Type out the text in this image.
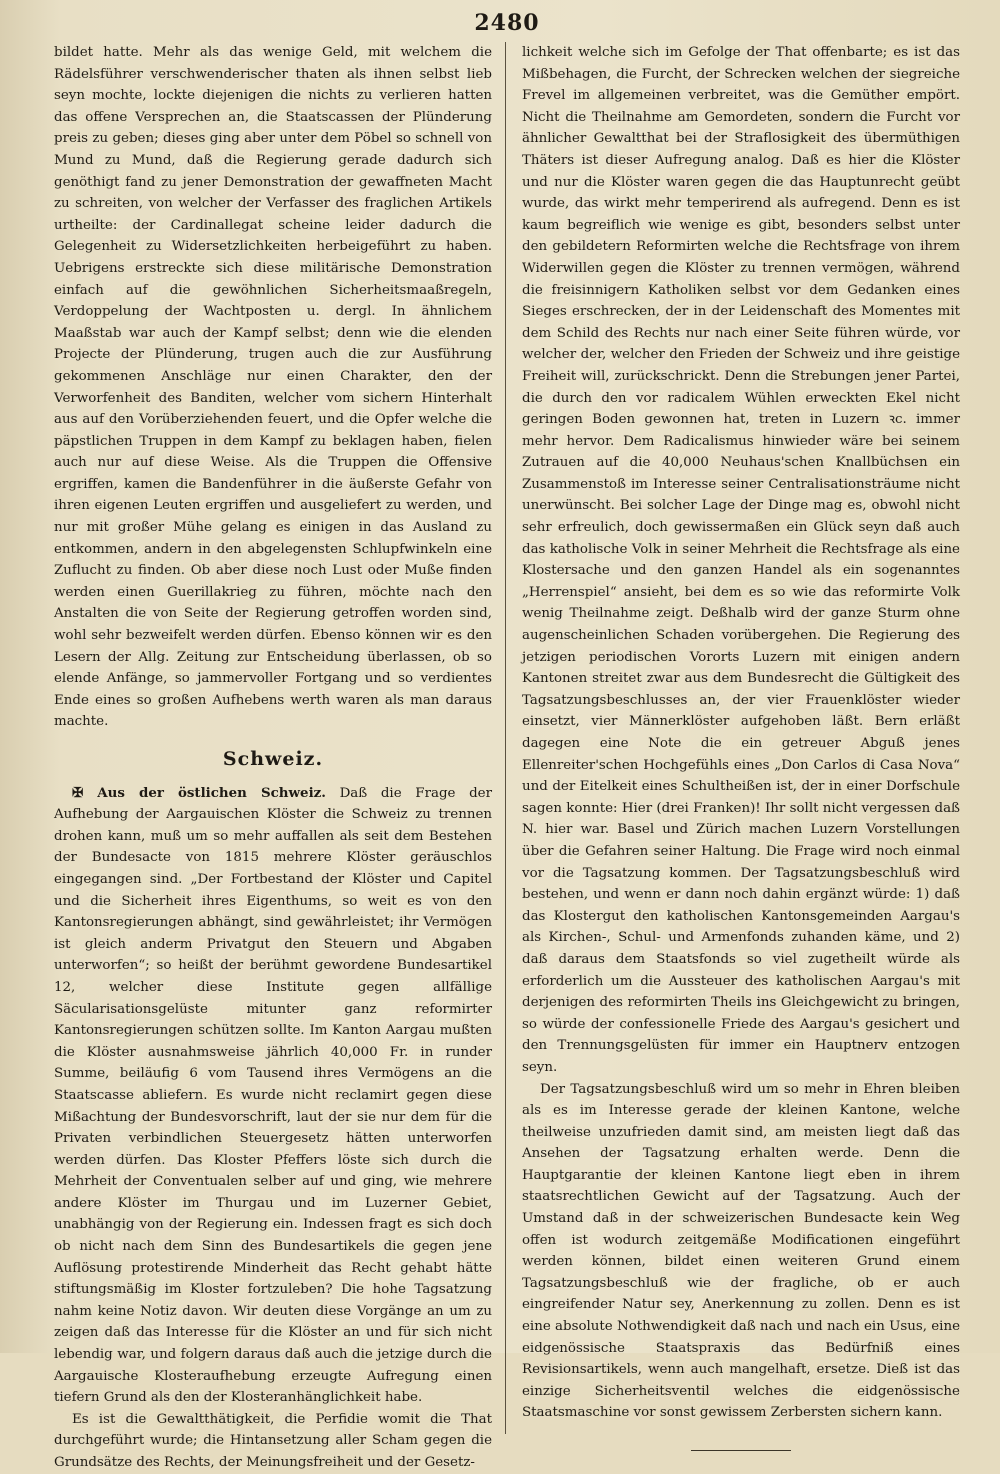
2480

bildet hatte. Mehr als das wenige Geld, mit welchem die Rädelsführer verschwenderischer thaten als ihnen selbst lieb seyn mochte, lockte diejenigen die nichts zu verlieren hatten das offene Versprechen an, die Staatscassen der Plünderung preis zu geben; dieses ging aber unter dem Pöbel so schnell von Mund zu Mund, daß die Regierung gerade dadurch sich genöthigt fand zu jener Demonstration der gewaffneten Macht zu schreiten, von welcher der Verfasser des fraglichen Artikels urtheilte: der Cardinallegat scheine leider dadurch die Gelegenheit zu Widersetzlichkeiten herbeigeführt zu haben. Uebrigens erstreckte sich diese militärische Demonstration einfach auf die gewöhnlichen Sicherheitsmaaßregeln, Verdoppelung der Wachtposten u. dergl. In ähnlichem Maaßstab war auch der Kampf selbst; denn wie die elenden Projecte der Plünderung, trugen auch die zur Ausführung gekommenen Anschläge nur einen Charakter, den der Verworfenheit des Banditen, welcher vom sichern Hinterhalt aus auf den Vorüberziehenden feuert, und die Opfer welche die päpstlichen Truppen in dem Kampf zu beklagen haben, fielen auch nur auf diese Weise. Als die Truppen die Offensive ergriffen, kamen die Bandenführer in die äußerste Gefahr von ihren eigenen Leuten ergriffen und ausgeliefert zu werden, und nur mit großer Mühe gelang es einigen in das Ausland zu entkommen, andern in den abgelegensten Schlupfwinkeln eine Zuflucht zu finden. Ob aber diese noch Lust oder Muße finden werden einen Guerillakrieg zu führen, möchte nach den Anstalten die von Seite der Regierung getroffen worden sind, wohl sehr bezweifelt werden dürfen. Ebenso können wir es den Lesern der Allg. Zeitung zur Entscheidung überlassen, ob so elende Anfänge, so jammervoller Fortgang und so verdientes Ende eines so großen Aufhebens werth waren als man daraus machte.

Schweiz.

✠ Aus der östlichen Schweiz. Daß die Frage der Aufhebung der Aargauischen Klöster die Schweiz zu trennen drohen kann, muß um so mehr auffallen als seit dem Bestehen der Bundesacte von 1815 mehrere Klöster geräuschlos eingegangen sind. „Der Fortbestand der Klöster und Capitel und die Sicherheit ihres Eigenthums, so weit es von den Kantonsregierungen abhängt, sind gewährleistet; ihr Vermögen ist gleich anderm Privatgut den Steuern und Abgaben unterworfen“; so heißt der berühmt gewordene Bundesartikel 12, welcher diese Institute gegen allfällige Säcularisationsgelüste mitunter ganz reformirter Kantonsregierungen schützen sollte. Im Kanton Aargau mußten die Klöster ausnahmsweise jährlich 40,000 Fr. in runder Summe, beiläufig 6 vom Tausend ihres Vermögens an die Staatscasse abliefern. Es wurde nicht reclamirt gegen diese Mißachtung der Bundesvorschrift, laut der sie nur dem für die Privaten verbindlichen Steuergesetz hätten unterworfen werden dürfen. Das Kloster Pfeffers löste sich durch die Mehrheit der Conventualen selber auf und ging, wie mehrere andere Klöster im Thurgau und im Luzerner Gebiet, unabhängig von der Regierung ein. Indessen fragt es sich doch ob nicht nach dem Sinn des Bundesartikels die gegen jene Auflösung protestirende Minderheit das Recht gehabt hätte stiftungsmäßig im Kloster fortzuleben? Die hohe Tagsatzung nahm keine Notiz davon. Wir deuten diese Vorgänge an um zu zeigen daß das Interesse für die Klöster an und für sich nicht lebendig war, und folgern daraus daß auch die jetzige durch die Aargauische Klosteraufhebung erzeugte Aufregung einen tiefern Grund als den der Klosteranhänglichkeit habe.

Es ist die Gewaltthätigkeit, die Perfidie womit die That durchgeführt wurde; die Hintansetzung aller Scham gegen die Grundsätze des Rechts, der Meinungsfreiheit und der Gesetz-

lichkeit welche sich im Gefolge der That offenbarte; es ist das Mißbehagen, die Furcht, der Schrecken welchen der siegreiche Frevel im allgemeinen verbreitet, was die Gemüther empört. Nicht die Theilnahme am Gemordeten, sondern die Furcht vor ähnlicher Gewaltthat bei der Straflosigkeit des übermüthigen Thäters ist dieser Aufregung analog. Daß es hier die Klöster und nur die Klöster waren gegen die das Hauptunrecht geübt wurde, das wirkt mehr temperirend als aufregend. Denn es ist kaum begreiflich wie wenige es gibt, besonders selbst unter den gebildetern Reformirten welche die Rechtsfrage von ihrem Widerwillen gegen die Klöster zu trennen vermögen, während die freisinnigern Katholiken selbst vor dem Gedanken eines Sieges erschrecken, der in der Leidenschaft des Momentes mit dem Schild des Rechts nur nach einer Seite führen würde, vor welcher der, welcher den Frieden der Schweiz und ihre geistige Freiheit will, zurückschrickt. Denn die Strebungen jener Partei, die durch den vor radicalem Wühlen erweckten Ekel nicht geringen Boden gewonnen hat, treten in Luzern ꝛc. immer mehr hervor. Dem Radicalismus hinwieder wäre bei seinem Zutrauen auf die 40,000 Neuhaus'schen Knallbüchsen ein Zusammenstoß im Interesse seiner Centralisationsträume nicht unerwünscht. Bei solcher Lage der Dinge mag es, obwohl nicht sehr erfreulich, doch gewissermaßen ein Glück seyn daß auch das katholische Volk in seiner Mehrheit die Rechtsfrage als eine Klostersache und den ganzen Handel als ein sogenanntes „Herrenspiel“ ansieht, bei dem es so wie das reformirte Volk wenig Theilnahme zeigt. Deßhalb wird der ganze Sturm ohne augenscheinlichen Schaden vorübergehen. Die Regierung des jetzigen periodischen Vororts Luzern mit einigen andern Kantonen streitet zwar aus dem Bundesrecht die Gültigkeit des Tagsatzungsbeschlusses an, der vier Frauenklöster wieder einsetzt, vier Männerklöster aufgehoben läßt. Bern erläßt dagegen eine Note die ein getreuer Abguß jenes Ellenreiter'schen Hochgefühls eines „Don Carlos di Casa Nova“ und der Eitelkeit eines Schultheißen ist, der in einer Dorfschule sagen konnte: Hier (drei Franken)! Ihr sollt nicht vergessen daß N. hier war. Basel und Zürich machen Luzern Vorstellungen über die Gefahren seiner Haltung. Die Frage wird noch einmal vor die Tagsatzung kommen. Der Tagsatzungsbeschluß wird bestehen, und wenn er dann noch dahin ergänzt würde: 1) daß das Klostergut den katholischen Kantonsgemeinden Aargau's als Kirchen-, Schul- und Armenfonds zuhanden käme, und 2) daß daraus dem Staatsfonds so viel zugetheilt würde als erforderlich um die Aussteuer des katholischen Aargau's mit derjenigen des reformirten Theils ins Gleichgewicht zu bringen, so würde der confessionelle Friede des Aargau's gesichert und den Trennungsgelüsten für immer ein Hauptnerv entzogen seyn.

Der Tagsatzungsbeschluß wird um so mehr in Ehren bleiben als es im Interesse gerade der kleinen Kantone, welche theilweise unzufrieden damit sind, am meisten liegt daß das Ansehen der Tagsatzung erhalten werde. Denn die Hauptgarantie der kleinen Kantone liegt eben in ihrem staatsrechtlichen Gewicht auf der Tagsatzung. Auch der Umstand daß in der schweizerischen Bundesacte kein Weg offen ist wodurch zeitgemäße Modificationen eingeführt werden können, bildet einen weiteren Grund einem Tagsatzungsbeschluß wie der fragliche, ob er auch eingreifender Natur sey, Anerkennung zu zollen. Denn es ist eine absolute Nothwendigkeit daß nach und nach ein Usus, eine eidgenössische Staatspraxis das Bedürfniß eines Revisionsartikels, wenn auch mangelhaft, ersetze. Dieß ist das einzige Sicherheitsventil welches die eidgenössische Staatsmaschine vor sonst gewissem Zerbersten sichern kann.
